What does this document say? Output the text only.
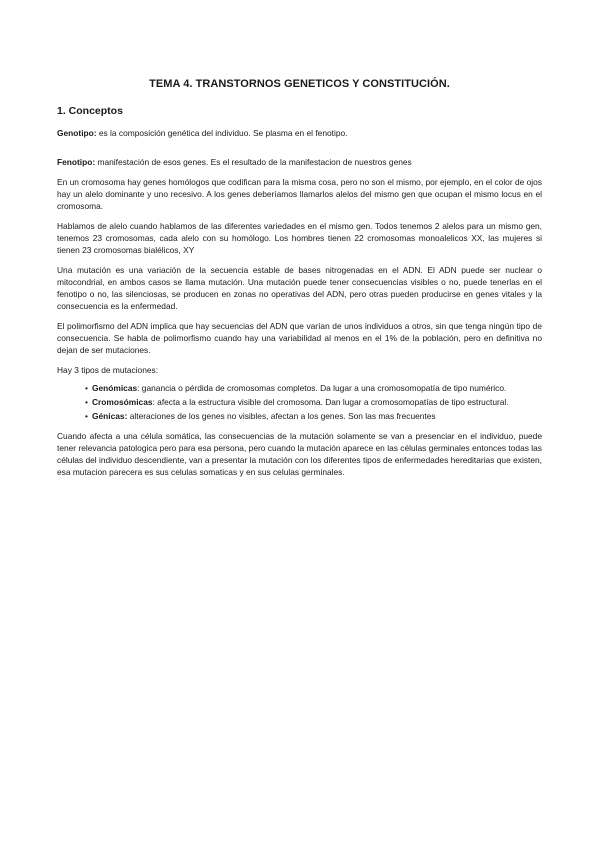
TEMA 4. TRANSTORNOS GENETICOS Y CONSTITUCIÓN.
1. Conceptos

Genotipo: es la composición genética del individuo. Se plasma en el fenotipo.

Fenotipo: manifestación de esos genes. Es el resultado de la manifestacion de nuestros genes

En un cromosoma hay genes homólogos que codifican para la misma cosa, pero no son el mismo, por ejemplo, en el color de ojos hay un alelo dominante y uno recesivo. A los genes deberíamos llamarlos alelos del mismo gen que ocupan el mismo locus en el cromosoma.

Hablamos de alelo cuando hablamos de las diferentes variedades en el mismo gen. Todos tenemos 2 alelos para un mismo gen, tenemos 23 cromosomas, cada alelo con su homólogo. Los hombres tienen 22 cromosomas monoalelicos XX, las mujeres si tienen 23 cromosomas bialélicos, XY

Una mutación es una variación de la secuencia estable de bases nitrogenadas en el ADN. El ADN puede ser nuclear o mitocondrial, en ambos casos se llama mutación. Una mutación puede tener consecuencias visibles o no, puede tenerlas en el fenotipo o no, las silenciosas, se producen en zonas no operativas del ADN, pero otras pueden producirse en genes vitales y la consecuencia es la enfermedad.

El polimorfismo del ADN implica que hay secuencias del ADN que varían de unos individuos a otros, sin que tenga ningún tipo de consecuencia. Se habla de polimorfismo cuando hay una variabilidad al menos en el 1% de la población, pero en definitiva no dejan de ser mutaciones.

Hay 3 tipos de mutaciones:

• Genómicas: ganancia o pérdida de cromosomas completos. Da lugar a una cromosomopatía de tipo numérico.
• Cromosómicas: afecta a la estructura visible del cromosoma. Dan lugar a cromosomopatías de tipo estructural.
• Génicas: alteraciones de los genes no visibles, afectan a los genes. Son las mas frecuentes

Cuando afecta a una célula somática, las consecuencias de la mutación solamente se van a presenciar en el individuo, puede tener relevancia patologica pero para esa persona, pero cuando la mutación aparece en las células germinales entonces todas las células del individuo descendiente, van a presentar la mutación con los diferentes tipos de enfermedades hereditarias que existen, esa mutacion parecera es sus celulas somaticas y en sus celulas germinales.
